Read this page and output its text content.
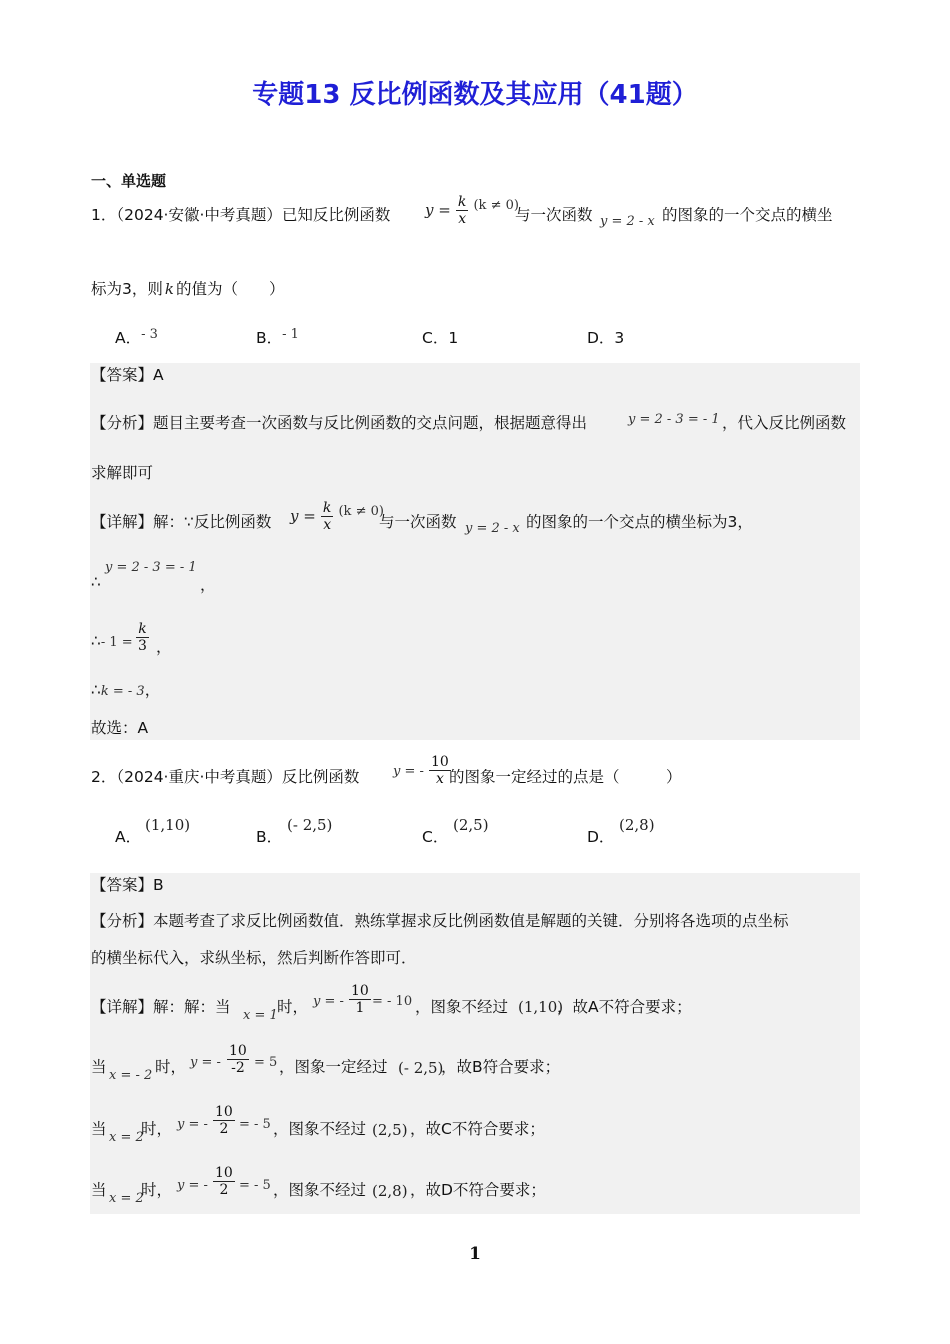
专题13 反比例函数及其应用（41题）
一、单选题
1．（2024·安徽·中考真题）已知反比例函数 $y = \frac{k}{x} ^{(k \ne 0)}$
与一次函数 y = 2 - x 的图象的一个交点的横坐
标为3，则 k 的值为（　　）
A．$^{- 3}$	B．$^{- 1}$	C．1	D．3
【答案】A
【分析】题目主要考查一次函数与反比例函数的交点问题，根据题意得出	y = 2 - 3 = - 1 ，代入反比例函数
求解即可
【详解】解：∵反比例函数 $y = \frac{k}{x} ^{(k \ne 0)}$
与一次函数 y = 2 - x 的图象的一个交点的横坐标为3，
∴
y = 2 - 3 = - 1
，
∴- $1 = \frac{k}{3}$ ，
∴k = - 3，
故选：A
2．（2024·重庆·中考真题）反比例函数	y = - $\frac{10}{x}$
的图象一定经过的点是（　　　）
A．
(1,10)
B．
(- 2,5)
C．
(2,5)
D．
(2,8)
【答案】B
【分析】本题考查了求反比例函数值．熟练掌握求反比例函数值是解题的关键．分别将各选项的点坐标
的横坐标代入，求纵坐标，然后判断作答即可．
【详解】解：解：当 x = 1 时， y = - $\frac{10}{1}$ = - 10 ，图象不经过 (1,10)
，故A不符合要求；
当 x = - 2 时， y = - $\frac{10}{-2} = 5$ ，图象一定经过 (- 2,5)
，故B符合要求；
当 x = 2
时， y = - $\frac{10}{2}$ = - 5 ，图象不经过 (2,5) ，故C不符合要求；
当 x = 2
时， y = - $\frac{10}{2}$ = - 5 ，图象不经过 (2,8) ，故D不符合要求；
1
